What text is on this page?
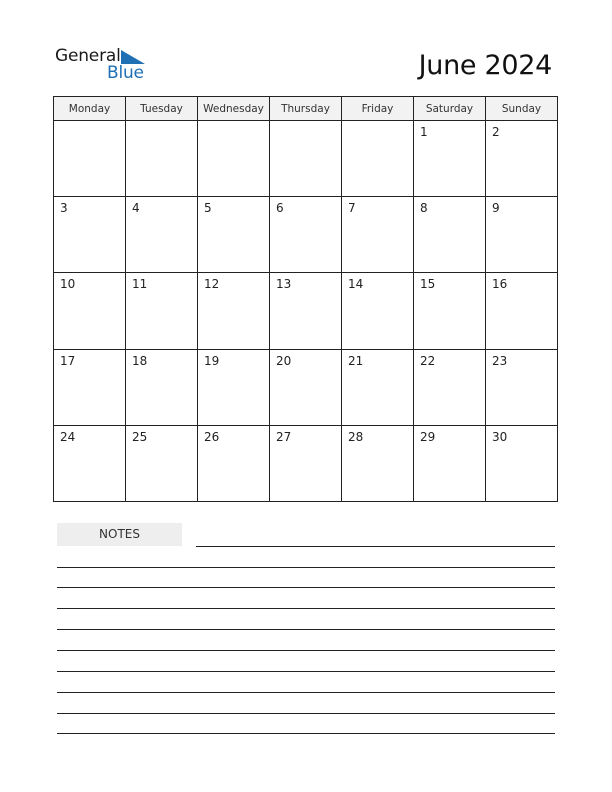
General
Blue	June 2024
Monday	Tuesday	Wednesday	Thursday	Friday	Saturday	Sunday

					1	2

3	4	5	6	7	8	9

10	11	12	13	14	15	16

17	18	19	20	21	22	23

24	25	26	27	28	29	30
NOTES
